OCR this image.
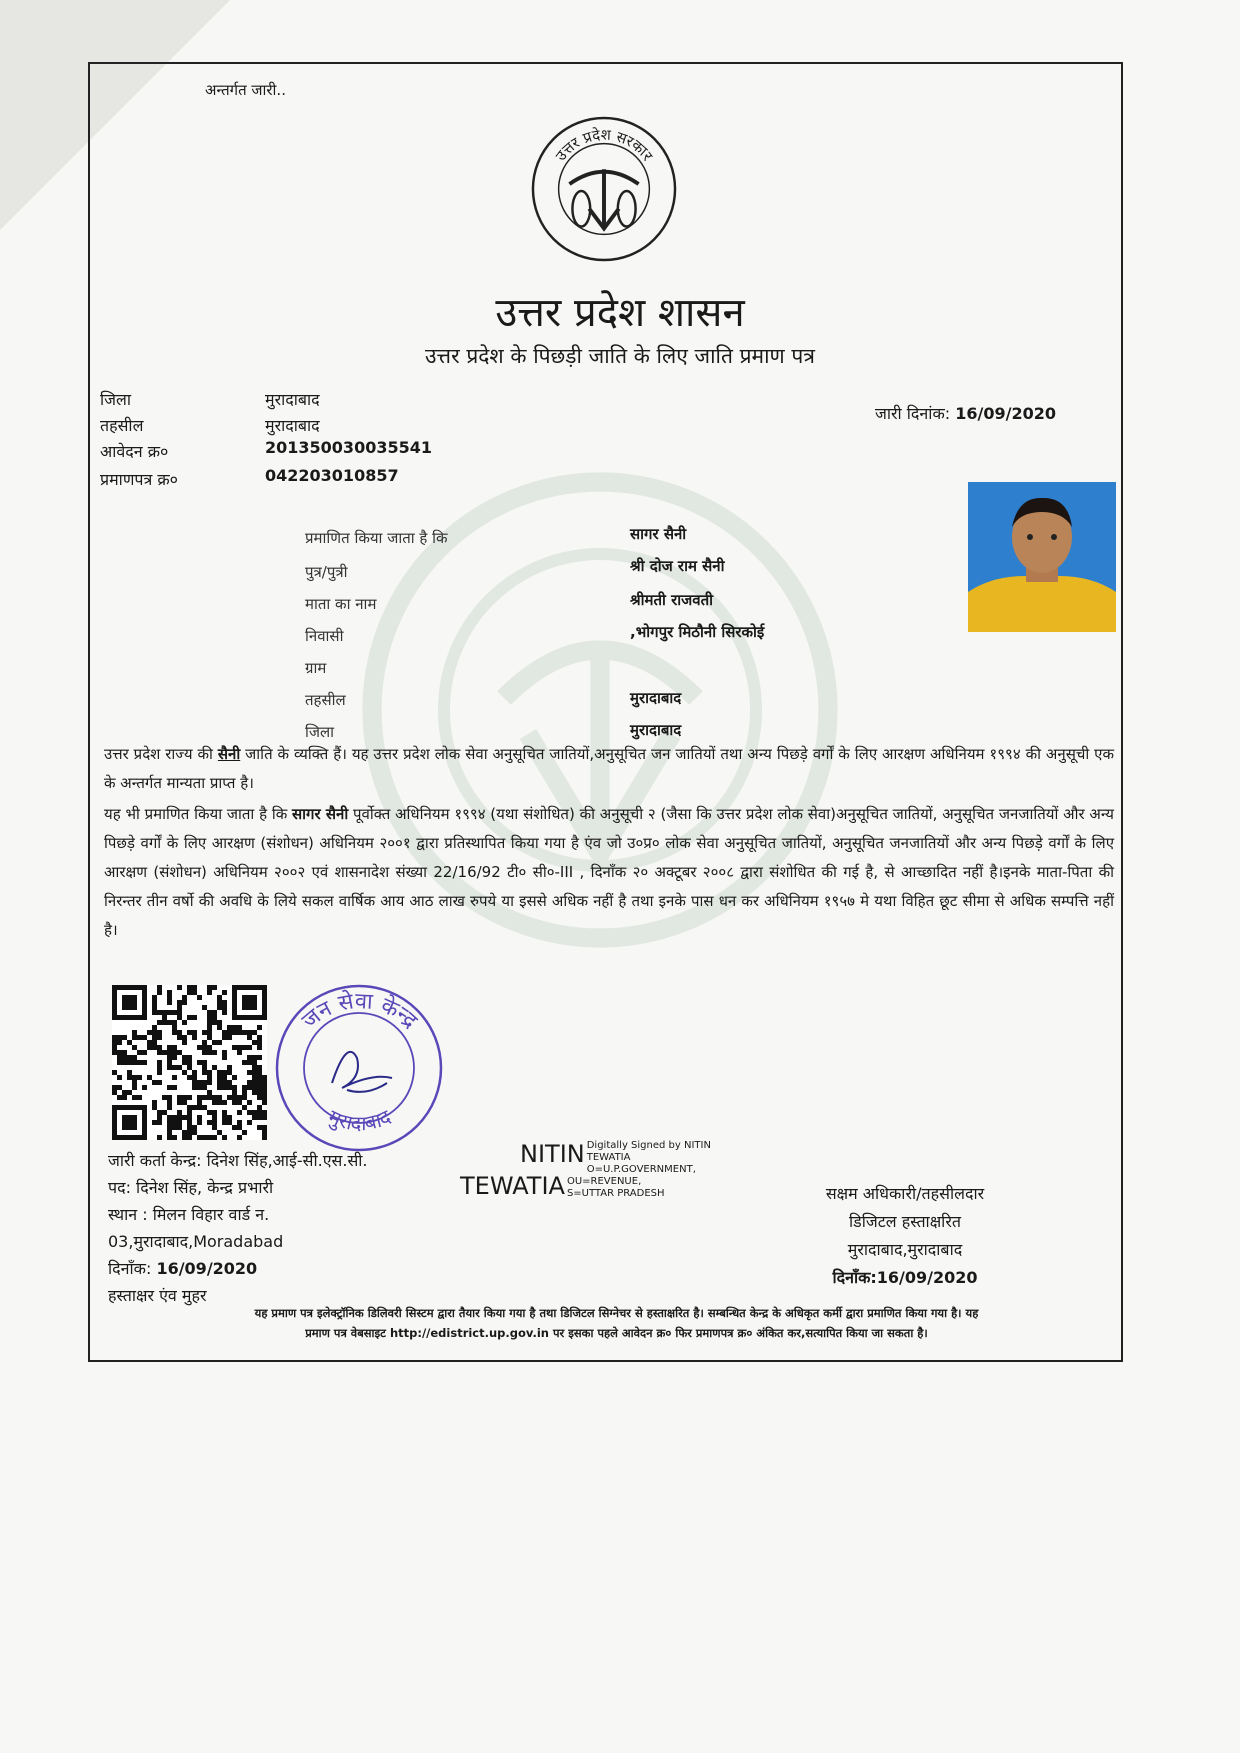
अन्तर्गत जारी..
उत्तर प्रदेश सरकार
उत्तर प्रदेश शासन
उत्तर प्रदेश के पिछड़ी जाति के लिए जाति प्रमाण पत्र
जिला	मुरादाबाद
तहसील	मुरादाबाद
आवेदन क्र०	201350030035541
प्रमाणपत्र क्र०	042203010857
जारी दिनांक: 16/09/2020
प्रमाणित किया जाता है कि	सागर सैनी
पुत्र/पुत्री	श्री दोज राम सैनी
माता का नाम	श्रीमती राजवती
निवासी	,भोगपुर मिठौनी सिरकोई
ग्राम
तहसील	मुरादाबाद
जिला	मुरादाबाद
उत्तर प्रदेश राज्य की सैनी जाति के व्यक्ति हैं। यह उत्तर प्रदेश लोक सेवा अनुसूचित जातियों,अनुसूचित जन जातियों तथा अन्य पिछड़े वर्गों के लिए आरक्षण अधिनियम १९९४ की अनुसूची एक के अन्तर्गत मान्यता प्राप्त है।
यह भी प्रमाणित किया जाता है कि सागर सैनी पूर्वोक्त अधिनियम १९९४ (यथा संशोधित) की अनुसूची २ (जैसा कि उत्तर प्रदेश लोक सेवा)अनुसूचित जातियों, अनुसूचित जनजातियों और अन्य पिछड़े वर्गों के लिए आरक्षण (संशोधन) अधिनियम २००१ द्वारा प्रतिस्थापित किया गया है एंव जो उ०प्र० लोक सेवा अनुसूचित जातियों, अनुसूचित जनजातियों और अन्य पिछड़े वर्गों के लिए आरक्षण (संशोधन) अधिनियम २००२ एवं शासनादेश संख्या 22/16/92 टी० सी०-III , दिनाँक २० अक्टूबर २००८ द्वारा संशोधित की गई है, से आच्छादित नहीं है।इनके माता-पिता की निरन्तर तीन वर्षो की अवधि के लिये सकल वार्षिक आय आठ लाख रुपये या इससे अधिक नहीं है तथा इनके पास धन कर अधिनियम १९५७ मे यथा विहित छूट सीमा से अधिक सम्पत्ति नहीं है।
जन सेवा केन्द्र
मुरादाबाद
जारी कर्ता केन्द्र: दिनेश सिंह,आई-सी.एस.सी.
पद: दिनेश सिंह, केन्द्र प्रभारी
स्थान : मिलन विहार वार्ड न.
03,मुरादाबाद,Moradabad
दिनाँक: 16/09/2020
हस्ताक्षर एंव मुहर
NITIN Digitally Signed by NITIN
TEWATIA
O=U.P.GOVERNMENT,
TEWATIA OU=REVENUE,
S=UTTAR PRADESH	सक्षम अधिकारी/तहसीलदार
डिजिटल हस्ताक्षरित
मुरादाबाद,मुरादाबाद
दिनाँक:16/09/2020
यह प्रमाण पत्र इलेक्ट्रॉनिक डिलिवरी सिस्टम द्वारा तैयार किया गया है तथा डिजिटल सिग्नेचर से हस्ताक्षरित है। सम्बन्धित केन्द्र के अधिकृत कर्मी द्वारा प्रमाणित किया गया है। यह
प्रमाण पत्र वेबसाइट http://edistrict.up.gov.in पर इसका पहले आवेदन क्र० फिर प्रमाणपत्र क्र० अंकित कर,सत्यापित किया जा सकता है।
